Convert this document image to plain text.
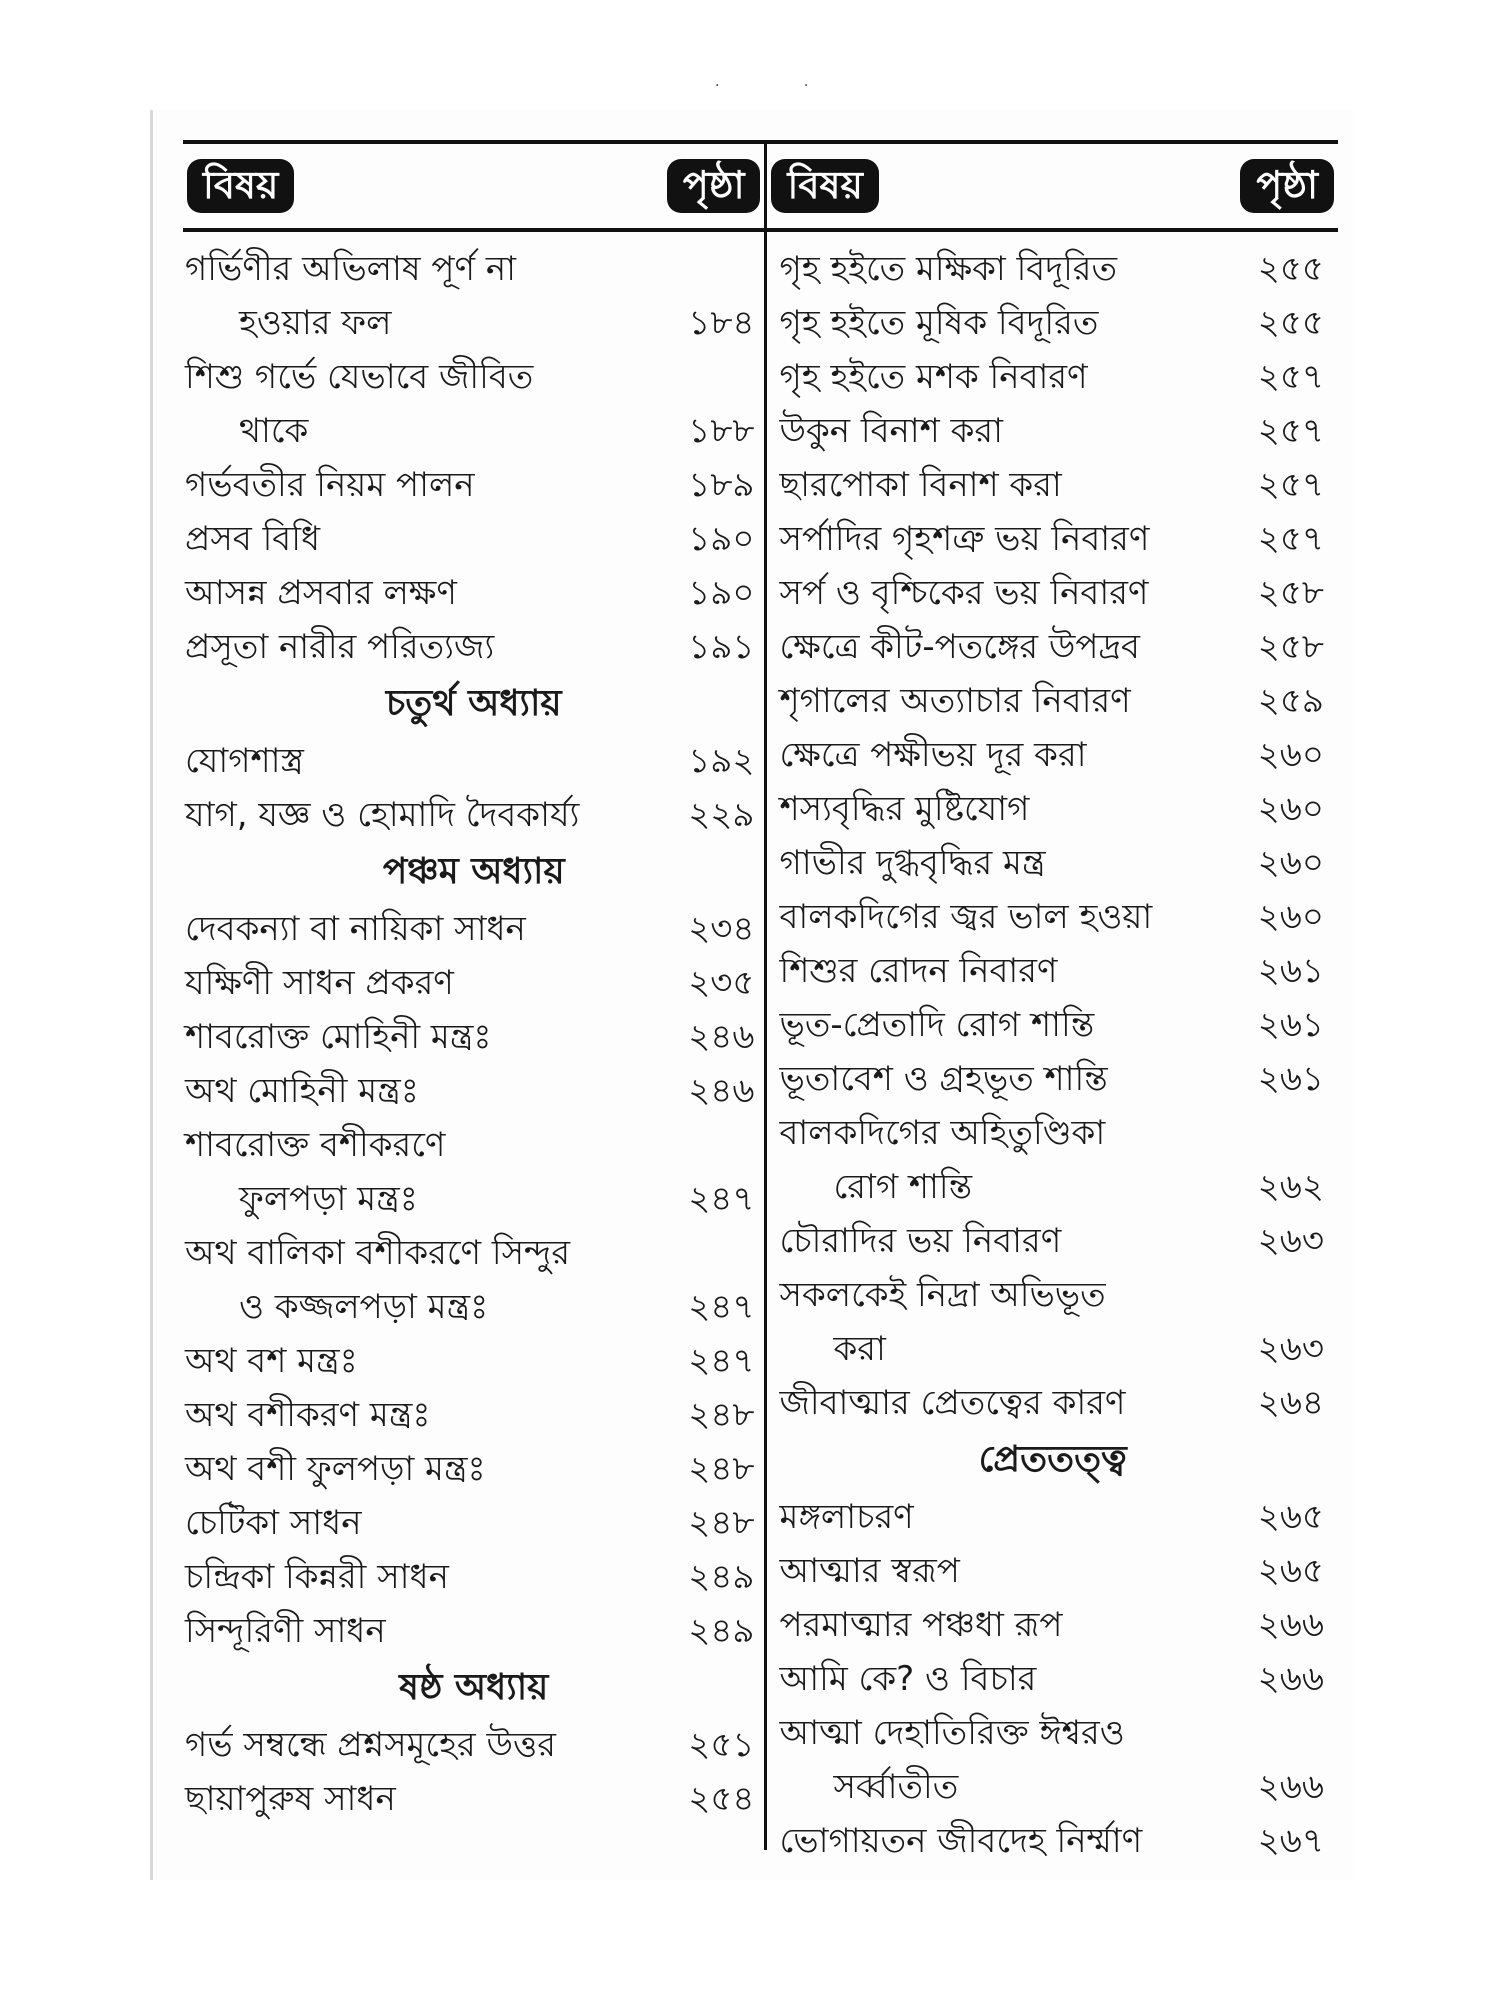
· ·
বিষয়	পৃষ্ঠা
গর্ভিণীর অভিলাষ পূর্ণ না
হওয়ার ফল	১৮৪
শিশু গর্ভে যেভাবে জীবিত
থাকে	১৮৮
গর্ভবতীর নিয়ম পালন	১৮৯
প্রসব বিধি	১৯০
আসন্ন প্রসবার লক্ষণ	১৯০
প্রসূতা নারীর পরিত্যজ্য	১৯১
চতুর্থ অধ্যায়
যোগশাস্ত্র	১৯২
যাগ, যজ্ঞ ও হোমাদি দৈবকার্য্য	২২৯
পঞ্চম অধ্যায়
দেবকন্যা বা নায়িকা সাধন	২৩৪
যক্ষিণী সাধন প্রকরণ	২৩৫
শাবরোক্ত মোহিনী মন্ত্রঃ	২৪৬
অথ মোহিনী মন্ত্রঃ	২৪৬
শাবরোক্ত বশীকরণে
ফুলপড়া মন্ত্রঃ	২৪৭
অথ বালিকা বশীকরণে সিন্দুর
ও কজ্জলপড়া মন্ত্রঃ	২৪৭
অথ বশ মন্ত্রঃ	২৪৭
অথ বশীকরণ মন্ত্রঃ	২৪৮
অথ বশী ফুলপড়া মন্ত্রঃ	২৪৮
চেটিকা সাধন	২৪৮
চন্দ্রিকা কিন্নরী সাধন	২৪৯
সিন্দূরিণী সাধন	২৪৯
ষষ্ঠ অধ্যায়
গর্ভ সম্বন্ধে প্রশ্নসমূহের উত্তর	২৫১
ছায়াপুরুষ সাধন	২৫৪
বিষয়	পৃষ্ঠা
গৃহ হইতে মক্ষিকা বিদূরিত	২৫৫
গৃহ হইতে মূষিক বিদূরিত	২৫৫
গৃহ হইতে মশক নিবারণ	২৫৭
উকুন বিনাশ করা	২৫৭
ছারপোকা বিনাশ করা	২৫৭
সর্পাদির গৃহশত্রু ভয় নিবারণ	২৫৭
সর্প ও বৃশ্চিকের ভয় নিবারণ	২৫৮
ক্ষেত্রে কীট-পতঙ্গের উপদ্রব	২৫৮
শৃগালের অত্যাচার নিবারণ	২৫৯
ক্ষেত্রে পক্ষীভয় দূর করা	২৬০
শস্যবৃদ্ধির মুষ্টিযোগ	২৬০
গাভীর দুগ্ধবৃদ্ধির মন্ত্র	২৬০
বালকদিগের জ্বর ভাল হওয়া	২৬০
শিশুর রোদন নিবারণ	২৬১
ভূত-প্রেতাদি রোগ শান্তি	২৬১
ভূতাবেশ ও গ্রহভূত শান্তি	২৬১
বালকদিগের অহিতুণ্ডিকা
রোগ শান্তি	২৬২
চৌরাদির ভয় নিবারণ	২৬৩
সকলকেই নিদ্রা অভিভূত
করা	২৬৩
জীবাত্মার প্রেতত্বের কারণ	২৬৪
প্রেততত্ত্ব
মঙ্গলাচরণ	২৬৫
আত্মার স্বরূপ	২৬৫
পরমাত্মার পঞ্চধা রূপ	২৬৬
আমি কে? ও বিচার	২৬৬
আত্মা দেহাতিরিক্ত ঈশ্বরও
সর্ব্বাতীত	২৬৬
ভোগায়তন জীবদেহ নির্ম্মাণ	২৬৭
